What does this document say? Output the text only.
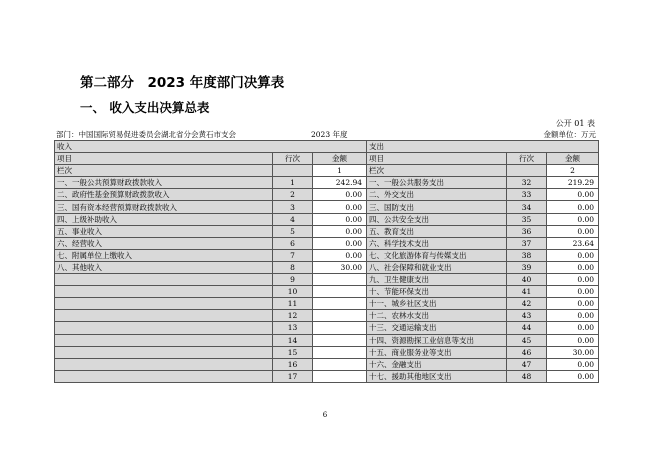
第二部分　2023 年度部门决算表
一、 收入支出决算总表
公开 01 表
部门：中国国际贸易促进委员会湖北省分会黄石市支会	2023 年度	金额单位：万元
收入			支出		
项目	行次	金额	项目	行次	金额
栏次		1	栏次		2
一、一般公共预算财政拨款收入	1	242.94	一、一般公共服务支出	32	219.29
二、政府性基金预算财政拨款收入	2	0.00	二、外交支出	33	0.00
三、国有资本经营预算财政拨款收入	3	0.00	三、国防支出	34	0.00
四、上级补助收入	4	0.00	四、公共安全支出	35	0.00
五、事业收入	5	0.00	五、教育支出	36	0.00
六、经营收入	6	0.00	六、科学技术支出	37	23.64
七、附属单位上缴收入	7	0.00	七、文化旅游体育与传媒支出	38	0.00
八、其他收入	8	30.00	八、社会保障和就业支出	39	0.00
	9		九、卫生健康支出	40	0.00
	10		十、节能环保支出	41	0.00
	11		十一、城乡社区支出	42	0.00
	12		十二、农林水支出	43	0.00
	13		十三、交通运输支出	44	0.00
	14		十四、资源勘探工业信息等支出	45	0.00
	15		十五、商业服务业等支出	46	30.00
	16		十六、金融支出	47	0.00
	17		十七、援助其他地区支出	48	0.00
6
